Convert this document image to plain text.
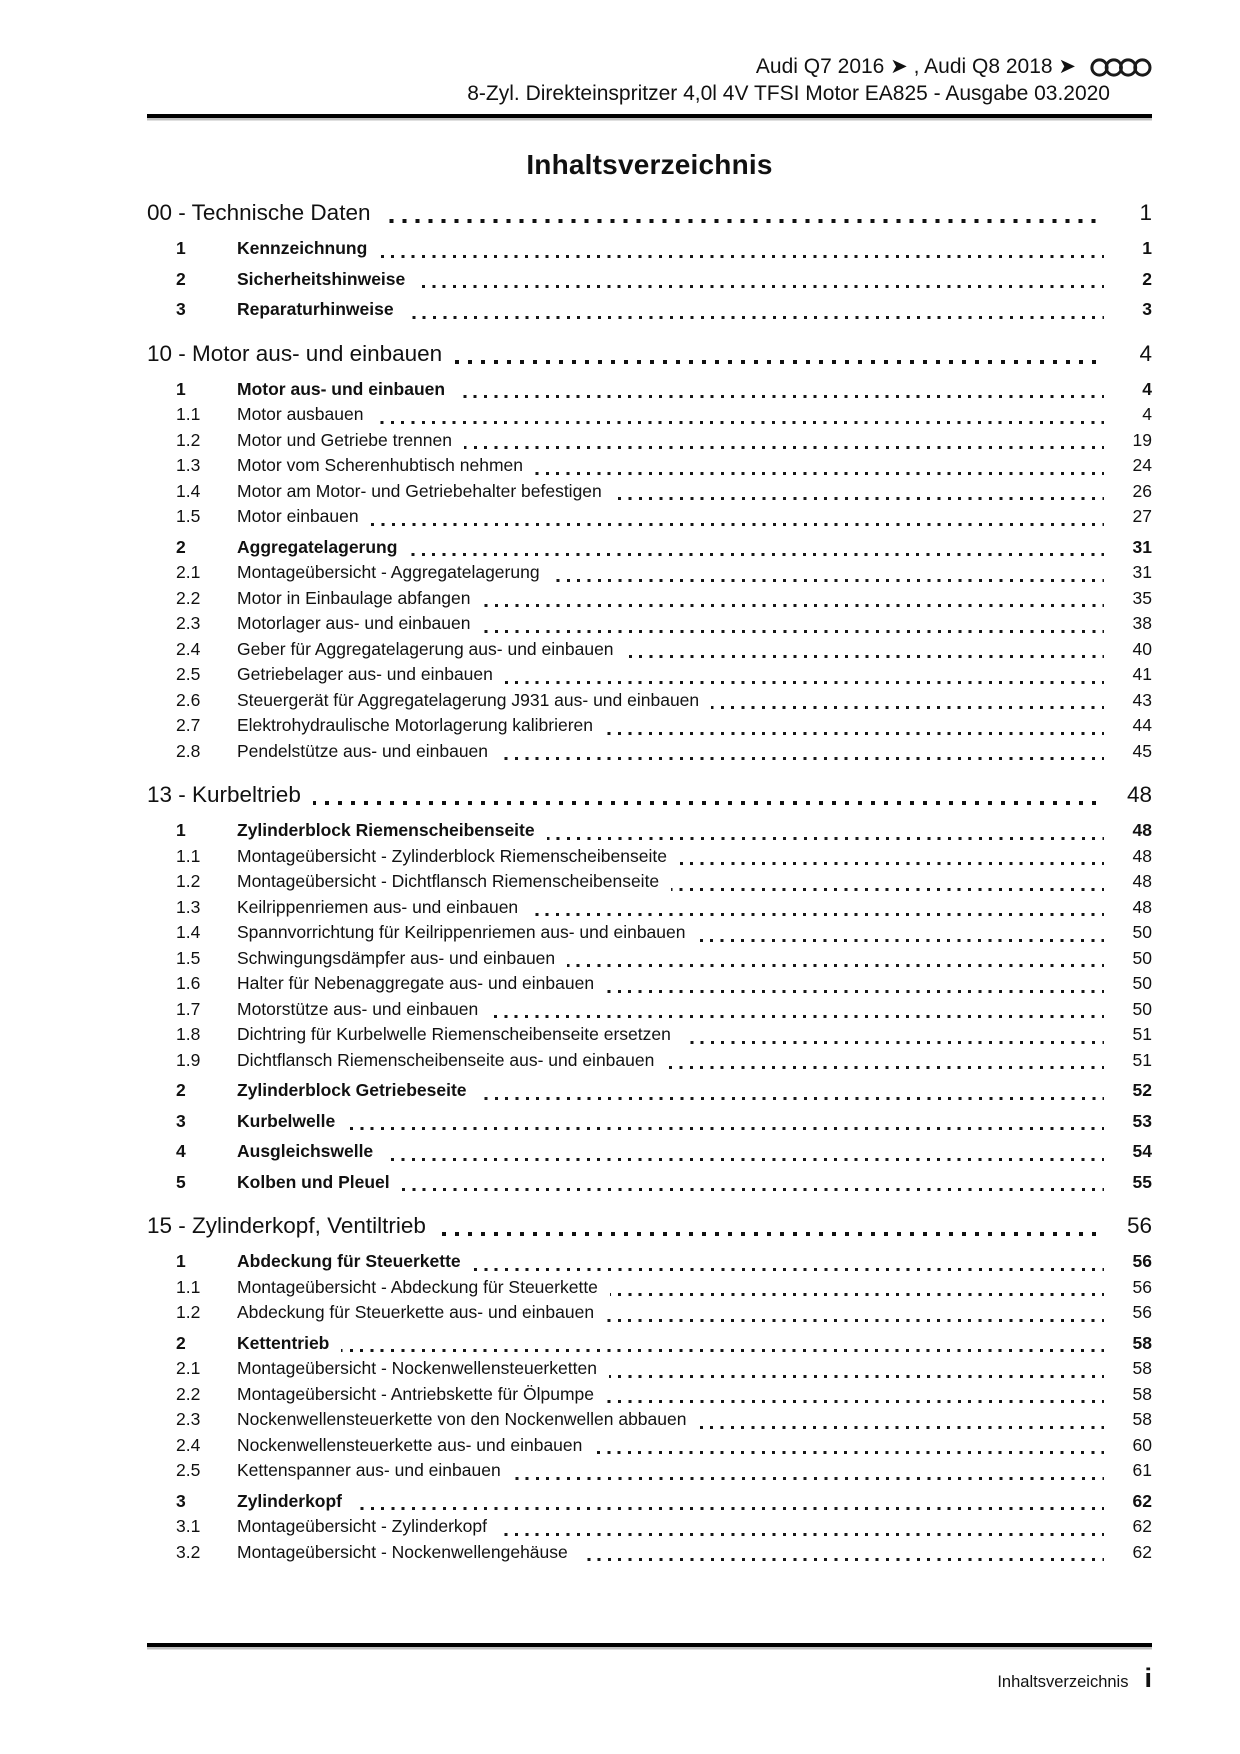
Audi Q7 2016 ➤ , Audi Q8 2018 ➤
8-Zyl. Direkteinspritzer 4,0l 4V TFSI Motor EA825 - Ausgabe 03.2020
Inhaltsverzeichnis
00 - Technische Daten	1
1	Kennzeichnung	1
2	Sicherheitshinweise	2
3	Reparaturhinweise	3
10 - Motor aus- und einbauen	4
1	Motor aus- und einbauen	4
1.1	Motor ausbauen	4
1.2	Motor und Getriebe trennen	19
1.3	Motor vom Scherenhubtisch nehmen	24
1.4	Motor am Motor- und Getriebehalter befestigen	26
1.5	Motor einbauen	27
2	Aggregatelagerung	31
2.1	Montageübersicht - Aggregatelagerung	31
2.2	Motor in Einbaulage abfangen	35
2.3	Motorlager aus- und einbauen	38
2.4	Geber für Aggregatelagerung aus- und einbauen	40
2.5	Getriebelager aus- und einbauen	41
2.6	Steuergerät für Aggregatelagerung J931 aus- und einbauen	43
2.7	Elektrohydraulische Motorlagerung kalibrieren	44
2.8	Pendelstütze aus- und einbauen	45
13 - Kurbeltrieb	48
1	Zylinderblock Riemenscheibenseite	48
1.1	Montageübersicht - Zylinderblock Riemenscheibenseite	48
1.2	Montageübersicht - Dichtflansch Riemenscheibenseite	48
1.3	Keilrippenriemen aus- und einbauen	48
1.4	Spannvorrichtung für Keilrippenriemen aus- und einbauen	50
1.5	Schwingungsdämpfer aus- und einbauen	50
1.6	Halter für Nebenaggregate aus- und einbauen	50
1.7	Motorstütze aus- und einbauen	50
1.8	Dichtring für Kurbelwelle Riemenscheibenseite ersetzen	51
1.9	Dichtflansch Riemenscheibenseite aus- und einbauen	51
2	Zylinderblock Getriebeseite	52
3	Kurbelwelle	53
4	Ausgleichswelle	54
5	Kolben und Pleuel	55
15 - Zylinderkopf, Ventiltrieb	56
1	Abdeckung für Steuerkette	56
1.1	Montageübersicht - Abdeckung für Steuerkette	56
1.2	Abdeckung für Steuerkette aus- und einbauen	56
2	Kettentrieb	58
2.1	Montageübersicht - Nockenwellensteuerketten	58
2.2	Montageübersicht - Antriebskette für Ölpumpe	58
2.3	Nockenwellensteuerkette von den Nockenwellen abbauen	58
2.4	Nockenwellensteuerkette aus- und einbauen	60
2.5	Kettenspanner aus- und einbauen	61
3	Zylinderkopf	62
3.1	Montageübersicht - Zylinderkopf	62
3.2	Montageübersicht - Nockenwellengehäuse	62
Inhaltsverzeichnis i
